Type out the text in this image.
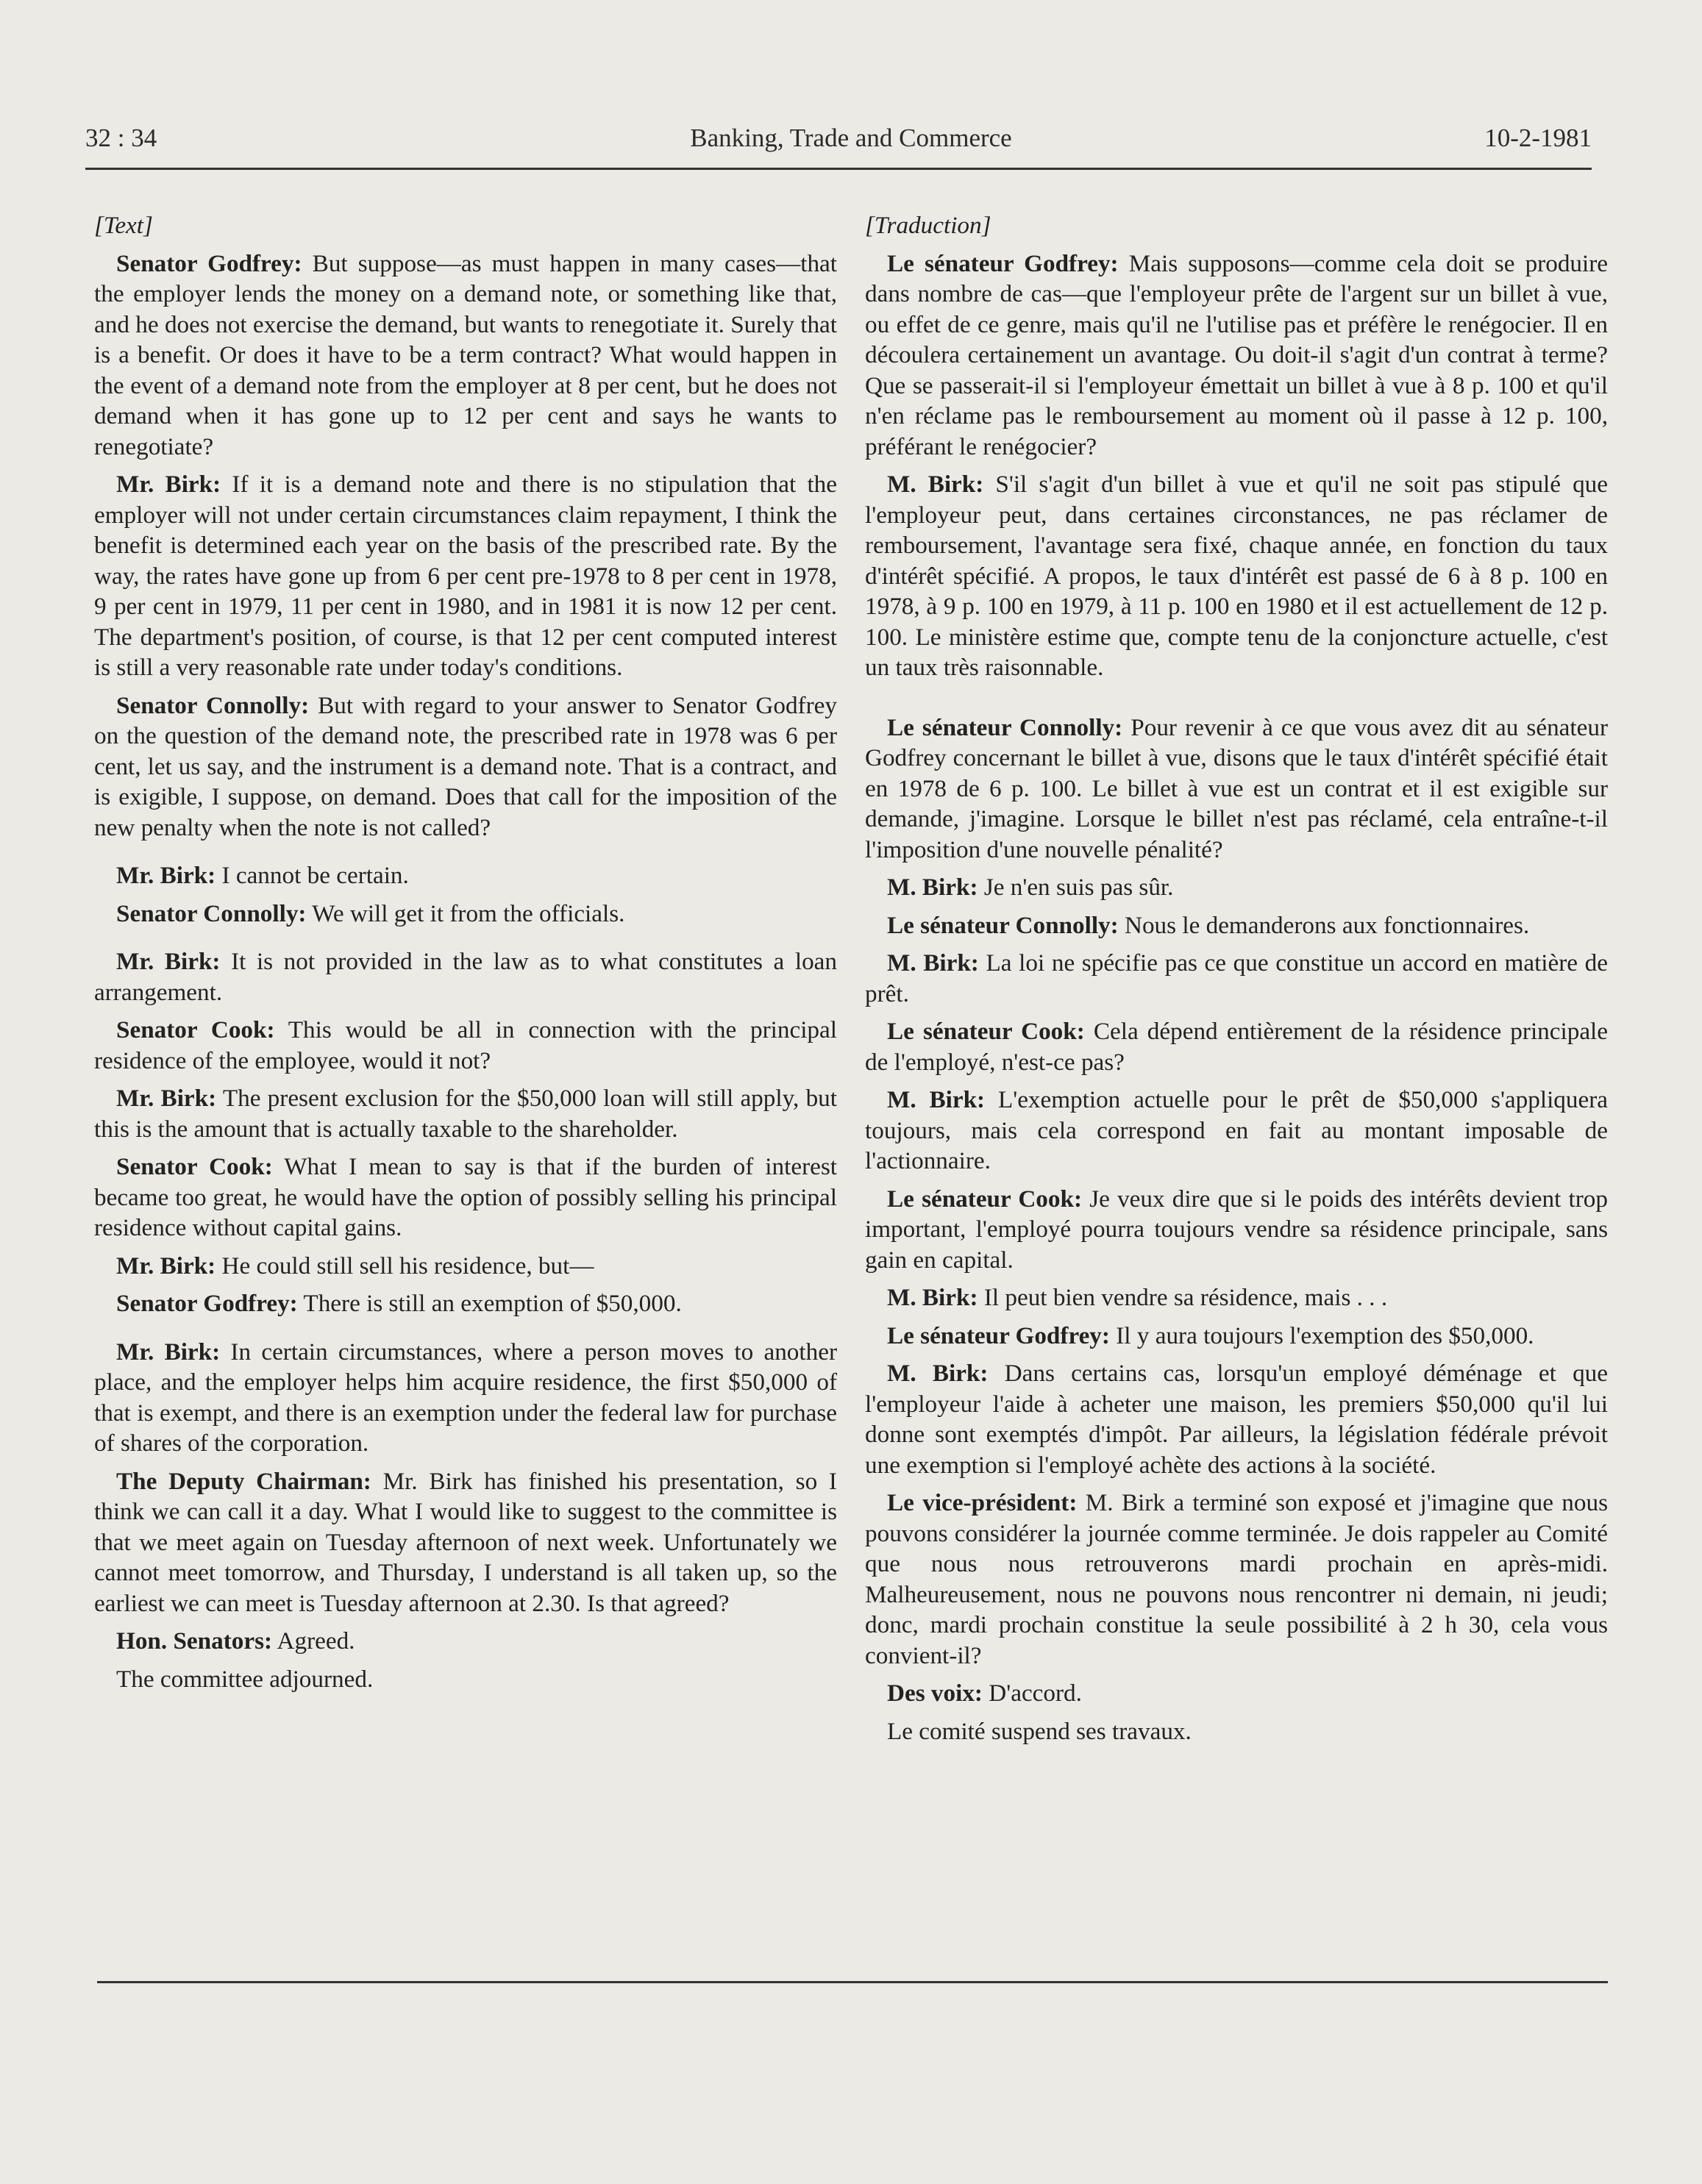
32 : 34	Banking, Trade and Commerce	10-2-1981
[Text]

Senator Godfrey: But suppose—as must happen in many cases—that the employer lends the money on a demand note, or something like that, and he does not exercise the demand, but wants to renegotiate it. Surely that is a benefit. Or does it have to be a term contract? What would happen in the event of a demand note from the employer at 8 per cent, but he does not demand when it has gone up to 12 per cent and says he wants to renegotiate?

Mr. Birk: If it is a demand note and there is no stipulation that the employer will not under certain circumstances claim repayment, I think the benefit is determined each year on the basis of the prescribed rate. By the way, the rates have gone up from 6 per cent pre-1978 to 8 per cent in 1978, 9 per cent in 1979, 11 per cent in 1980, and in 1981 it is now 12 per cent. The department's position, of course, is that 12 per cent computed interest is still a very reasonable rate under today's conditions.

Senator Connolly: But with regard to your answer to Senator Godfrey on the question of the demand note, the prescribed rate in 1978 was 6 per cent, let us say, and the instrument is a demand note. That is a contract, and is exigible, I suppose, on demand. Does that call for the imposition of the new penalty when the note is not called?

Mr. Birk: I cannot be certain.

Senator Connolly: We will get it from the officials.

Mr. Birk: It is not provided in the law as to what constitutes a loan arrangement.

Senator Cook: This would be all in connection with the principal residence of the employee, would it not?

Mr. Birk: The present exclusion for the $50,000 loan will still apply, but this is the amount that is actually taxable to the shareholder.

Senator Cook: What I mean to say is that if the burden of interest became too great, he would have the option of possibly selling his principal residence without capital gains.

Mr. Birk: He could still sell his residence, but—

Senator Godfrey: There is still an exemption of $50,000.

Mr. Birk: In certain circumstances, where a person moves to another place, and the employer helps him acquire residence, the first $50,000 of that is exempt, and there is an exemption under the federal law for purchase of shares of the corporation.

The Deputy Chairman: Mr. Birk has finished his presentation, so I think we can call it a day. What I would like to suggest to the committee is that we meet again on Tuesday afternoon of next week. Unfortunately we cannot meet tomorrow, and Thursday, I understand is all taken up, so the earliest we can meet is Tuesday afternoon at 2.30. Is that agreed?

Hon. Senators: Agreed.

The committee adjourned.

[Traduction]

Le sénateur Godfrey: Mais supposons—comme cela doit se produire dans nombre de cas—que l'employeur prête de l'argent sur un billet à vue, ou effet de ce genre, mais qu'il ne l'utilise pas et préfère le renégocier. Il en découlera certainement un avantage. Ou doit-il s'agit d'un contrat à terme? Que se passerait-il si l'employeur émettait un billet à vue à 8 p. 100 et qu'il n'en réclame pas le remboursement au moment où il passe à 12 p. 100, préférant le renégocier?

M. Birk: S'il s'agit d'un billet à vue et qu'il ne soit pas stipulé que l'employeur peut, dans certaines circonstances, ne pas réclamer de remboursement, l'avantage sera fixé, chaque année, en fonction du taux d'intérêt spécifié. A propos, le taux d'intérêt est passé de 6 à 8 p. 100 en 1978, à 9 p. 100 en 1979, à 11 p. 100 en 1980 et il est actuellement de 12 p. 100. Le ministère estime que, compte tenu de la conjoncture actuelle, c'est un taux très raisonnable.

Le sénateur Connolly: Pour revenir à ce que vous avez dit au sénateur Godfrey concernant le billet à vue, disons que le taux d'intérêt spécifié était en 1978 de 6 p. 100. Le billet à vue est un contrat et il est exigible sur demande, j'imagine. Lorsque le billet n'est pas réclamé, cela entraîne-t-il l'imposition d'une nouvelle pénalité?

M. Birk: Je n'en suis pas sûr.

Le sénateur Connolly: Nous le demanderons aux fonctionnaires.

M. Birk: La loi ne spécifie pas ce que constitue un accord en matière de prêt.

Le sénateur Cook: Cela dépend entièrement de la résidence principale de l'employé, n'est-ce pas?

M. Birk: L'exemption actuelle pour le prêt de $50,000 s'appliquera toujours, mais cela correspond en fait au montant imposable de l'actionnaire.

Le sénateur Cook: Je veux dire que si le poids des intérêts devient trop important, l'employé pourra toujours vendre sa résidence principale, sans gain en capital.

M. Birk: Il peut bien vendre sa résidence, mais . . .

Le sénateur Godfrey: Il y aura toujours l'exemption des $50,000.

M. Birk: Dans certains cas, lorsqu'un employé déménage et que l'employeur l'aide à acheter une maison, les premiers $50,000 qu'il lui donne sont exemptés d'impôt. Par ailleurs, la législation fédérale prévoit une exemption si l'employé achète des actions à la société.

Le vice-président: M. Birk a terminé son exposé et j'imagine que nous pouvons considérer la journée comme terminée. Je dois rappeler au Comité que nous nous retrouverons mardi prochain en après-midi. Malheureusement, nous ne pouvons nous rencontrer ni demain, ni jeudi; donc, mardi prochain constitue la seule possibilité à 2 h 30, cela vous convient-il?

Des voix: D'accord.

Le comité suspend ses travaux.
